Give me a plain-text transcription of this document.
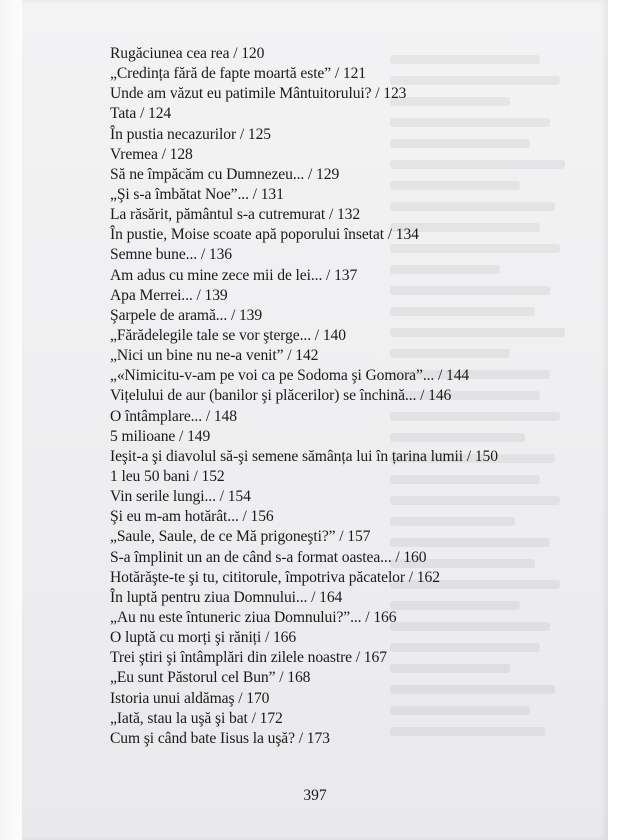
Rugăciunea cea rea / 120
„Credința fără de fapte moartă este” / 121
Unde am văzut eu patimile Mântuitorului? / 123
Tata / 124
În pustia necazurilor / 125
Vremea / 128
Să ne împăcăm cu Dumnezeu... / 129
„Şi s-a îmbătat Noe”... / 131
La răsărit, pământul s-a cutremurat / 132
În pustie, Moise scoate apă poporului însetat / 134
Semne bune... / 136
Am adus cu mine zece mii de lei... / 137
Apa Merrei... / 139
Şarpele de aramă... / 139
„Fărădelegile tale se vor şterge... / 140
„Nici un bine nu ne-a venit” / 142
„«Nimicitu-v-am pe voi ca pe Sodoma şi Gomora”... / 144
Vițelului de aur (banilor şi plăcerilor) se închină... / 146
O întâmplare... / 148
5 milioane / 149
Ieşit-a şi diavolul să-şi semene sămânța lui în țarina lumii / 150
1 leu 50 bani / 152
Vin serile lungi... / 154
Şi eu m-am hotărât... / 156
„Saule, Saule, de ce Mă prigoneşti?” / 157
S-a împlinit un an de când s-a format oastea... / 160
Hotărăşte-te şi tu, cititorule, împotriva păcatelor / 162
În luptă pentru ziua Domnului... / 164
„Au nu este întuneric ziua Domnului?”... / 166
O luptă cu morți şi răniți / 166
Trei ştiri şi întâmplări din zilele noastre / 167
„Eu sunt Păstorul cel Bun” / 168
Istoria unui aldămaş / 170
„Iată, stau la uşă şi bat / 172
Cum şi când bate Iisus la uşă? / 173
397
